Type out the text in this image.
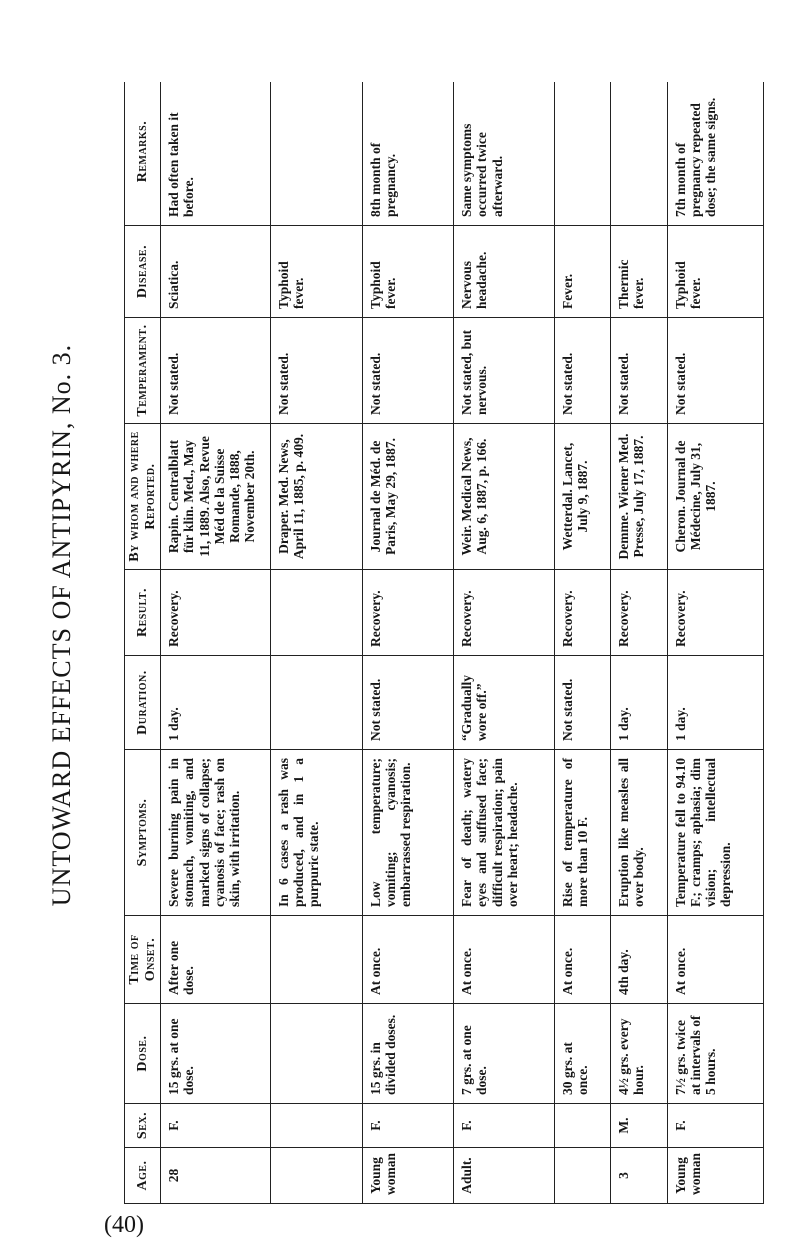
UNTOWARD EFFECTS OF ANTIPYRIN, No. 3.
Age.	Sex.	Dose.	Time of Onset.	Symptoms.	Duration.	Result.	By whom and where Reported.	Temperament.	Disease.	Remarks.
28	F.	15 grs. at one dose.	After one dose.	Severe burning pain in stomach, vomiting, and marked signs of collapse; cyanosis of face; rash on skin, with irritation.	1 day.	Recovery.	Rapin. Centralblatt für klin. Med., May 11, 1889. Also, Revue Méd de la Suisse Romande, 1888, November 20th.	Not stated.	Sciatica.	Had often taken it before.
				In 6 cases a rash was produced, and in 1 a purpuric state.			Draper. Med. News, April 11, 1885, p. 409.	Not stated.	Typhoid fever.	
Young woman	F.	15 grs. in divided doses.	At once.	Low temperature; vomiting; cyanosis; embarrassed respiration.	Not stated.	Recovery.	Journal de Méd. de Paris, May 29, 1887.	Not stated.	Typhoid fever.	8th month of pregnancy.
Adult.	F.	7 grs. at one dose.	At once.	Fear of death; watery eyes and suffused face; difficult respiration; pain over heart; headache.	“Gradually wore off.”	Recovery.	Weir. Medical News, Aug. 6, 1887, p. 166.	Not stated, but nervous.	Nervous headache.	Same symptoms occurred twice afterward.
		30 grs. at once.	At once.	Rise of temperature of more than 10 F.	Not stated.	Recovery.	Wetterdal. Lancet, July 9, 1887.	Not stated.	Fever.	
3	M.	4½ grs. every hour.	4th day.	Eruption like measles all over body.	1 day.	Recovery.	Demme. Wiener Med. Presse, July 17, 1887.	Not stated.	Thermic fever.	
Young woman	F.	7½ grs. twice at intervals of 5 hours.	At once.	Temperature fell to 94.10 F.; cramps; aphasia; dim vision; intellectual depression.	1 day.	Recovery.	Cheron. Journal de Médecine, July 31, 1887.	Not stated.	Typhoid fever.	7th month of pregnancy repeated dose; the same signs.
(40)
